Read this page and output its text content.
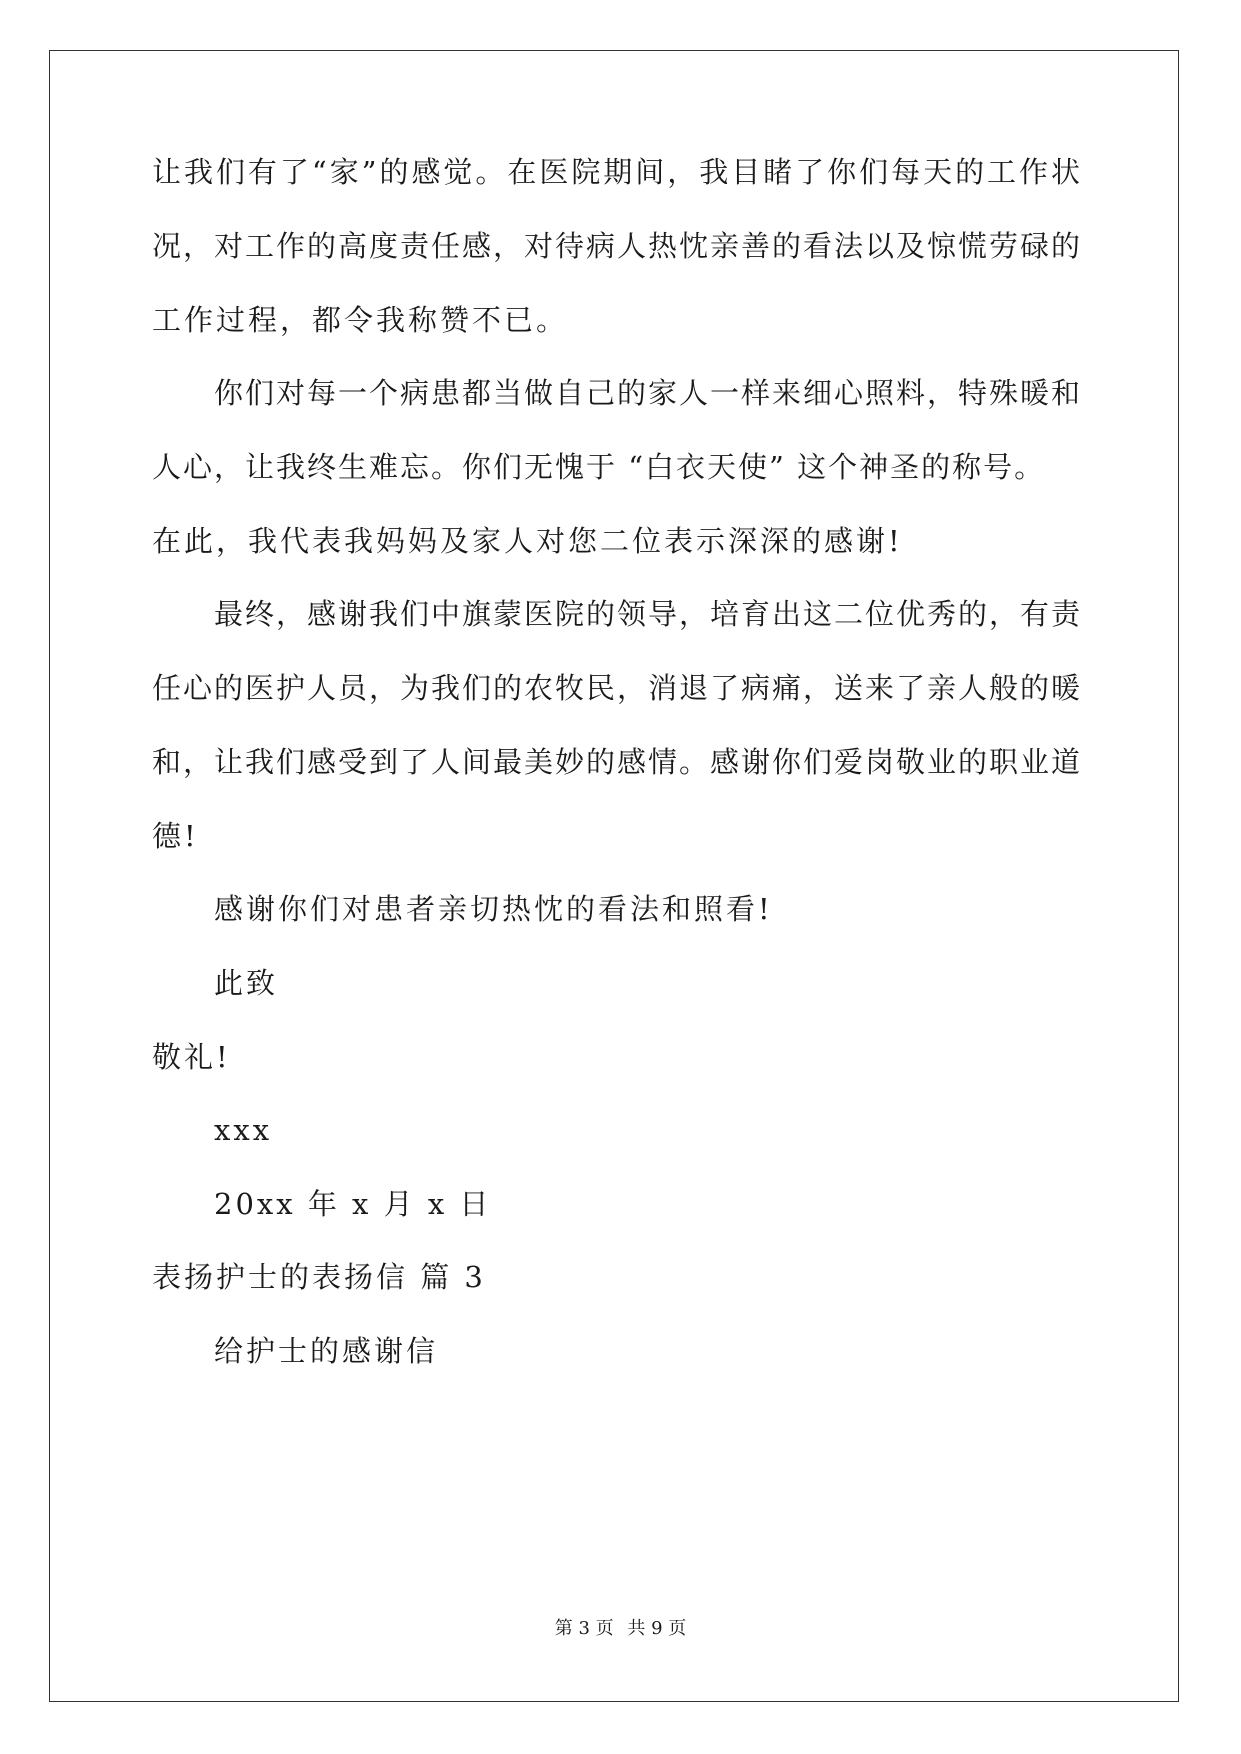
让我们有了“家”的感觉。在医院期间，我目睹了你们每天的工作状
况，对工作的高度责任感，对待病人热忱亲善的看法以及惊慌劳碌的
工作过程，都令我称赞不已。
你们对每一个病患都当做自己的家人一样来细心照料，特殊暖和
人心，让我终生难忘。你们无愧于 “白衣天使” 这个神圣的称号。
在此，我代表我妈妈及家人对您二位表示深深的感谢!
最终，感谢我们中旗蒙医院的领导，培育出这二位优秀的，有责
任心的医护人员，为我们的农牧民，消退了病痛，送来了亲人般的暖
和，让我们感受到了人间最美妙的感情。感谢你们爱岗敬业的职业道
德!
感谢你们对患者亲切热忱的看法和照看!
此致
敬礼!
xxx
20xx 年 x 月 x 日
表扬护士的表扬信 篇 3
给护士的感谢信
第 3 页 共 9 页
